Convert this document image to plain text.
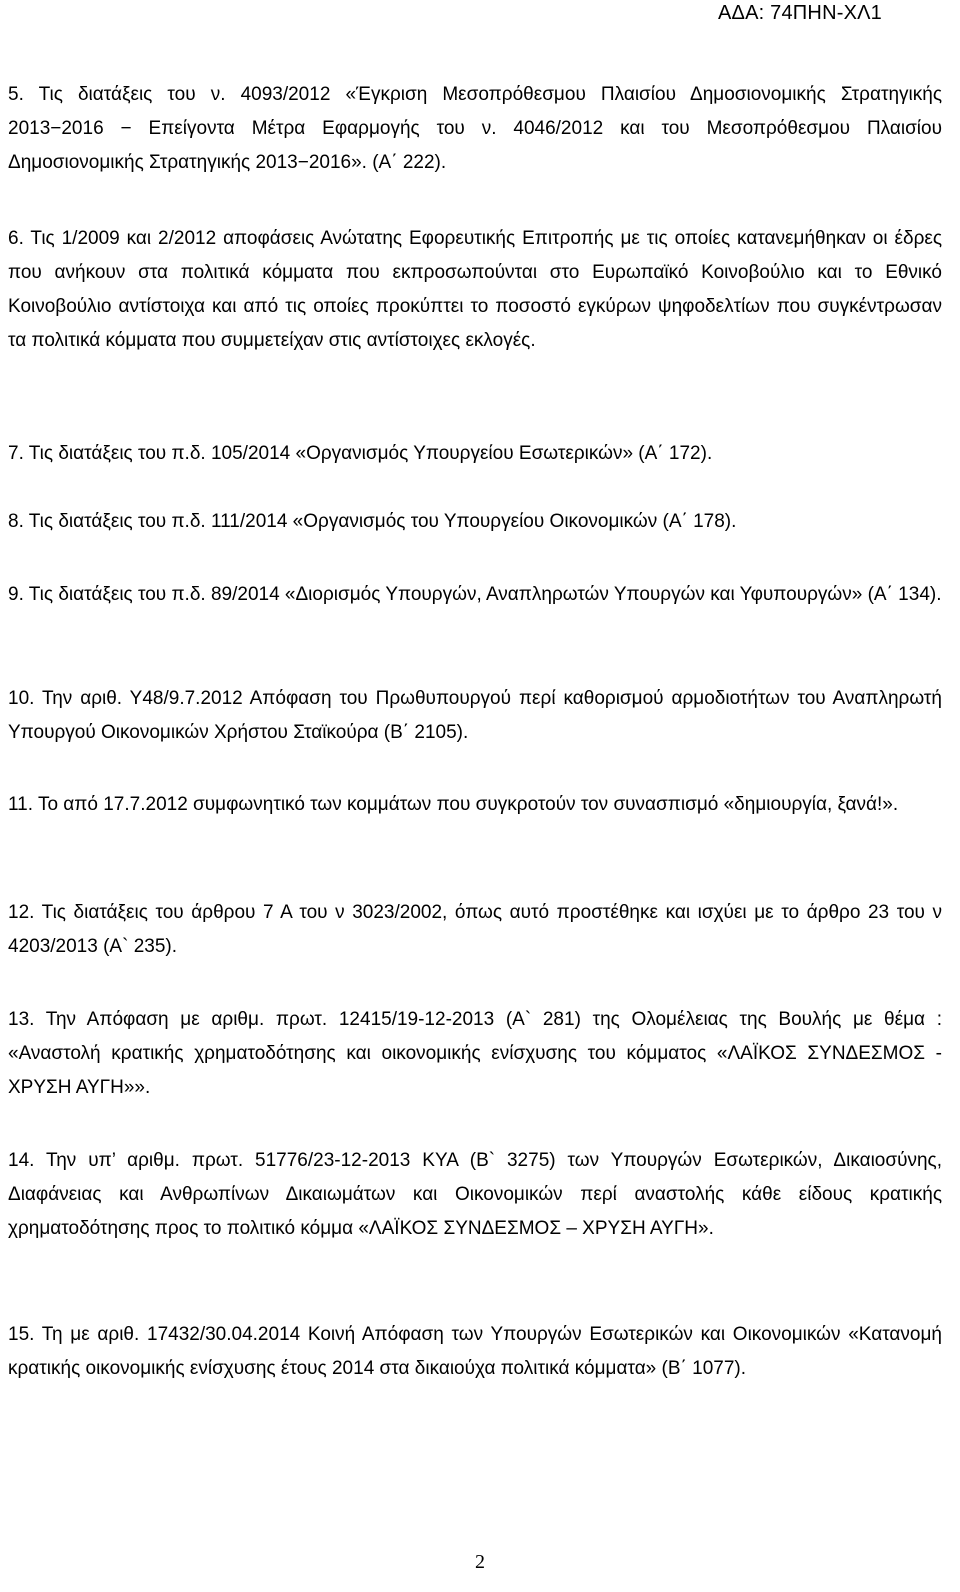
ΑΔΑ: 74ΠΗΝ-ΧΛ1

5. Τις διατάξεις του ν. 4093/2012 «Έγκριση Μεσοπρόθεσμου Πλαισίου Δημοσιονομικής Στρατηγικής 2013−2016 − Επείγοντα Μέτρα Εφαρμογής του ν. 4046/2012 και του Μεσοπρόθεσμου Πλαισίου Δημοσιονομικής Στρατηγικής 2013−2016». (Α΄ 222).

6. Τις 1/2009 και 2/2012 αποφάσεις Ανώτατης Εφορευτικής Επιτροπής με τις οποίες κατανεμήθηκαν οι έδρες που ανήκουν στα πολιτικά κόμματα που εκπροσωπούνται στο Ευρωπαϊκό Κοινοβούλιο και το Εθνικό Κοινοβούλιο αντίστοιχα και από τις οποίες προκύπτει το ποσοστό εγκύρων ψηφοδελτίων που συγκέντρωσαν τα πολιτικά κόμματα που συμμετείχαν στις αντίστοιχες εκλογές.

7. Τις διατάξεις του π.δ. 105/2014 «Οργανισμός Υπουργείου Εσωτερικών» (Α΄ 172).

8. Τις διατάξεις του π.δ. 111/2014 «Οργανισμός του Υπουργείου Οικονομικών (Α΄ 178).

9. Τις διατάξεις του π.δ. 89/2014 «Διορισμός Υπουργών, Αναπληρωτών Υπουργών και Υφυπουργών» (Α΄ 134).

10. Την αριθ. Υ48/9.7.2012 Απόφαση του Πρωθυπουργού περί καθορισμού αρμοδιοτήτων του Αναπληρωτή Υπουργού Οικονομικών Χρήστου Σταϊκούρα (Β΄ 2105).

11. Το από 17.7.2012 συμφωνητικό των κομμάτων που συγκροτούν τον συνασπισμό «δημιουργία, ξανά!».

12. Τις διατάξεις του άρθρου 7 Α του ν 3023/2002, όπως αυτό προστέθηκε και ισχύει με το άρθρο 23 του ν 4203/2013 (Α` 235).

13. Την Απόφαση με αριθμ. πρωτ. 12415/19-12-2013 (Α` 281) της Ολομέλειας της Βουλής με θέμα : «Αναστολή κρατικής χρηματοδότησης και οικονομικής ενίσχυσης του κόμματος «ΛΑΪΚΟΣ ΣΥΝΔΕΣΜΟΣ - ΧΡΥΣΗ ΑΥΓΗ»».

14. Την υπ’ αριθμ. πρωτ. 51776/23-12-2013 ΚΥΑ (Β` 3275) των Υπουργών Εσωτερικών, Δικαιοσύνης, Διαφάνειας και Ανθρωπίνων Δικαιωμάτων και Οικονομικών περί αναστολής κάθε είδους κρατικής χρηματοδότησης προς το πολιτικό κόμμα «ΛΑΪΚΟΣ ΣΥΝΔΕΣΜΟΣ – ΧΡΥΣΗ ΑΥΓΗ».

15. Τη με αριθ. 17432/30.04.2014 Κοινή Απόφαση των Υπουργών Εσωτερικών και Οικονομικών «Κατανομή κρατικής οικονομικής ενίσχυσης έτους 2014 στα δικαιούχα πολιτικά κόμματα» (Β΄ 1077).

2
